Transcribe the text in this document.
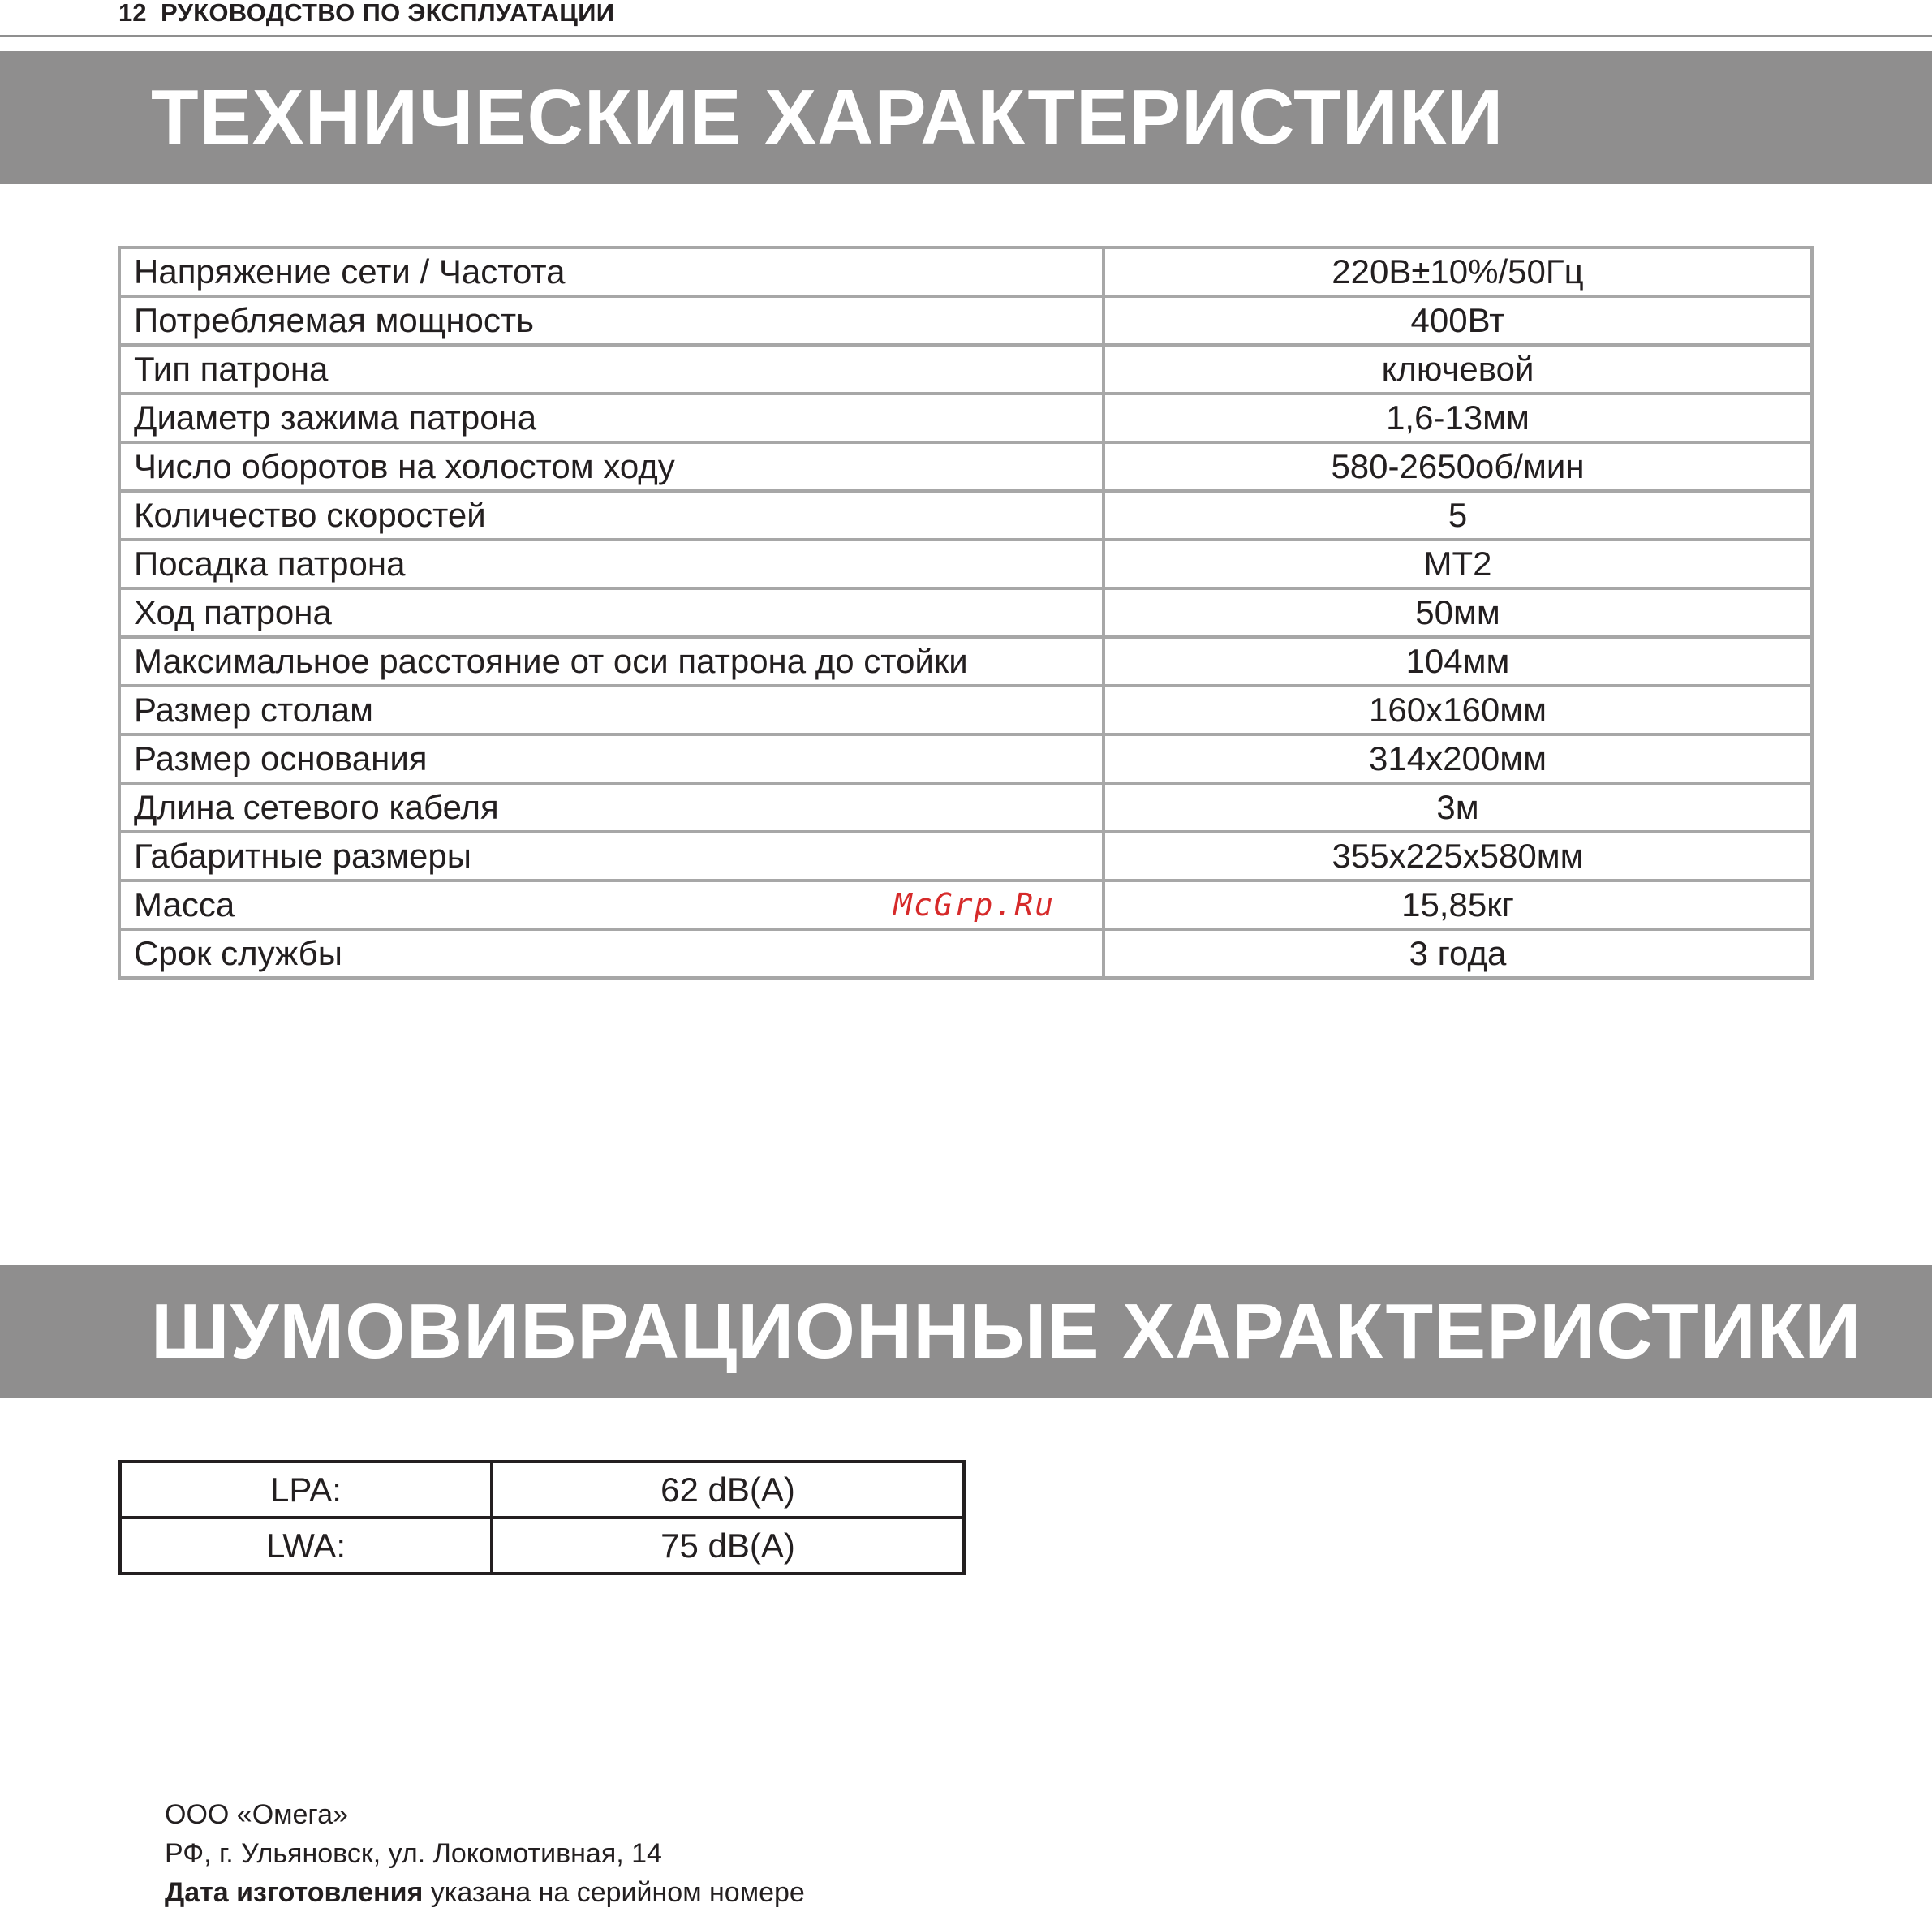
12 РУКОВОДСТВО ПО ЭКСПЛУАТАЦИИ
ТЕХНИЧЕСКИЕ ХАРАКТЕРИСТИКИ
Напряжение сети / Частота	220В±10%/50Гц
Потребляемая мощность	400Вт
Тип патрона	ключевой
Диаметр зажима патрона	1,6-13мм
Число оборотов на холостом ходу	580-2650об/мин
Количество скоростей	5
Посадка патрона	МТ2
Ход патрона	50мм
Максимальное расстояние от оси патрона до стойки	104мм
Размер столам	160х160мм
Размер основания	314х200мм
Длина сетевого кабеля	3м
Габаритные размеры	355х225х580мм
Масса McGrp.Ru	15,85кг
Срок службы	3 года
ШУМОВИБРАЦИОННЫЕ ХАРАКТЕРИСТИКИ
LPA:	62 dB(A)
LWA:	75 dB(A)
ООО «Омега»
РФ, г. Ульяновск, ул. Локомотивная, 14
Дата изготовления указана на серийном номере
